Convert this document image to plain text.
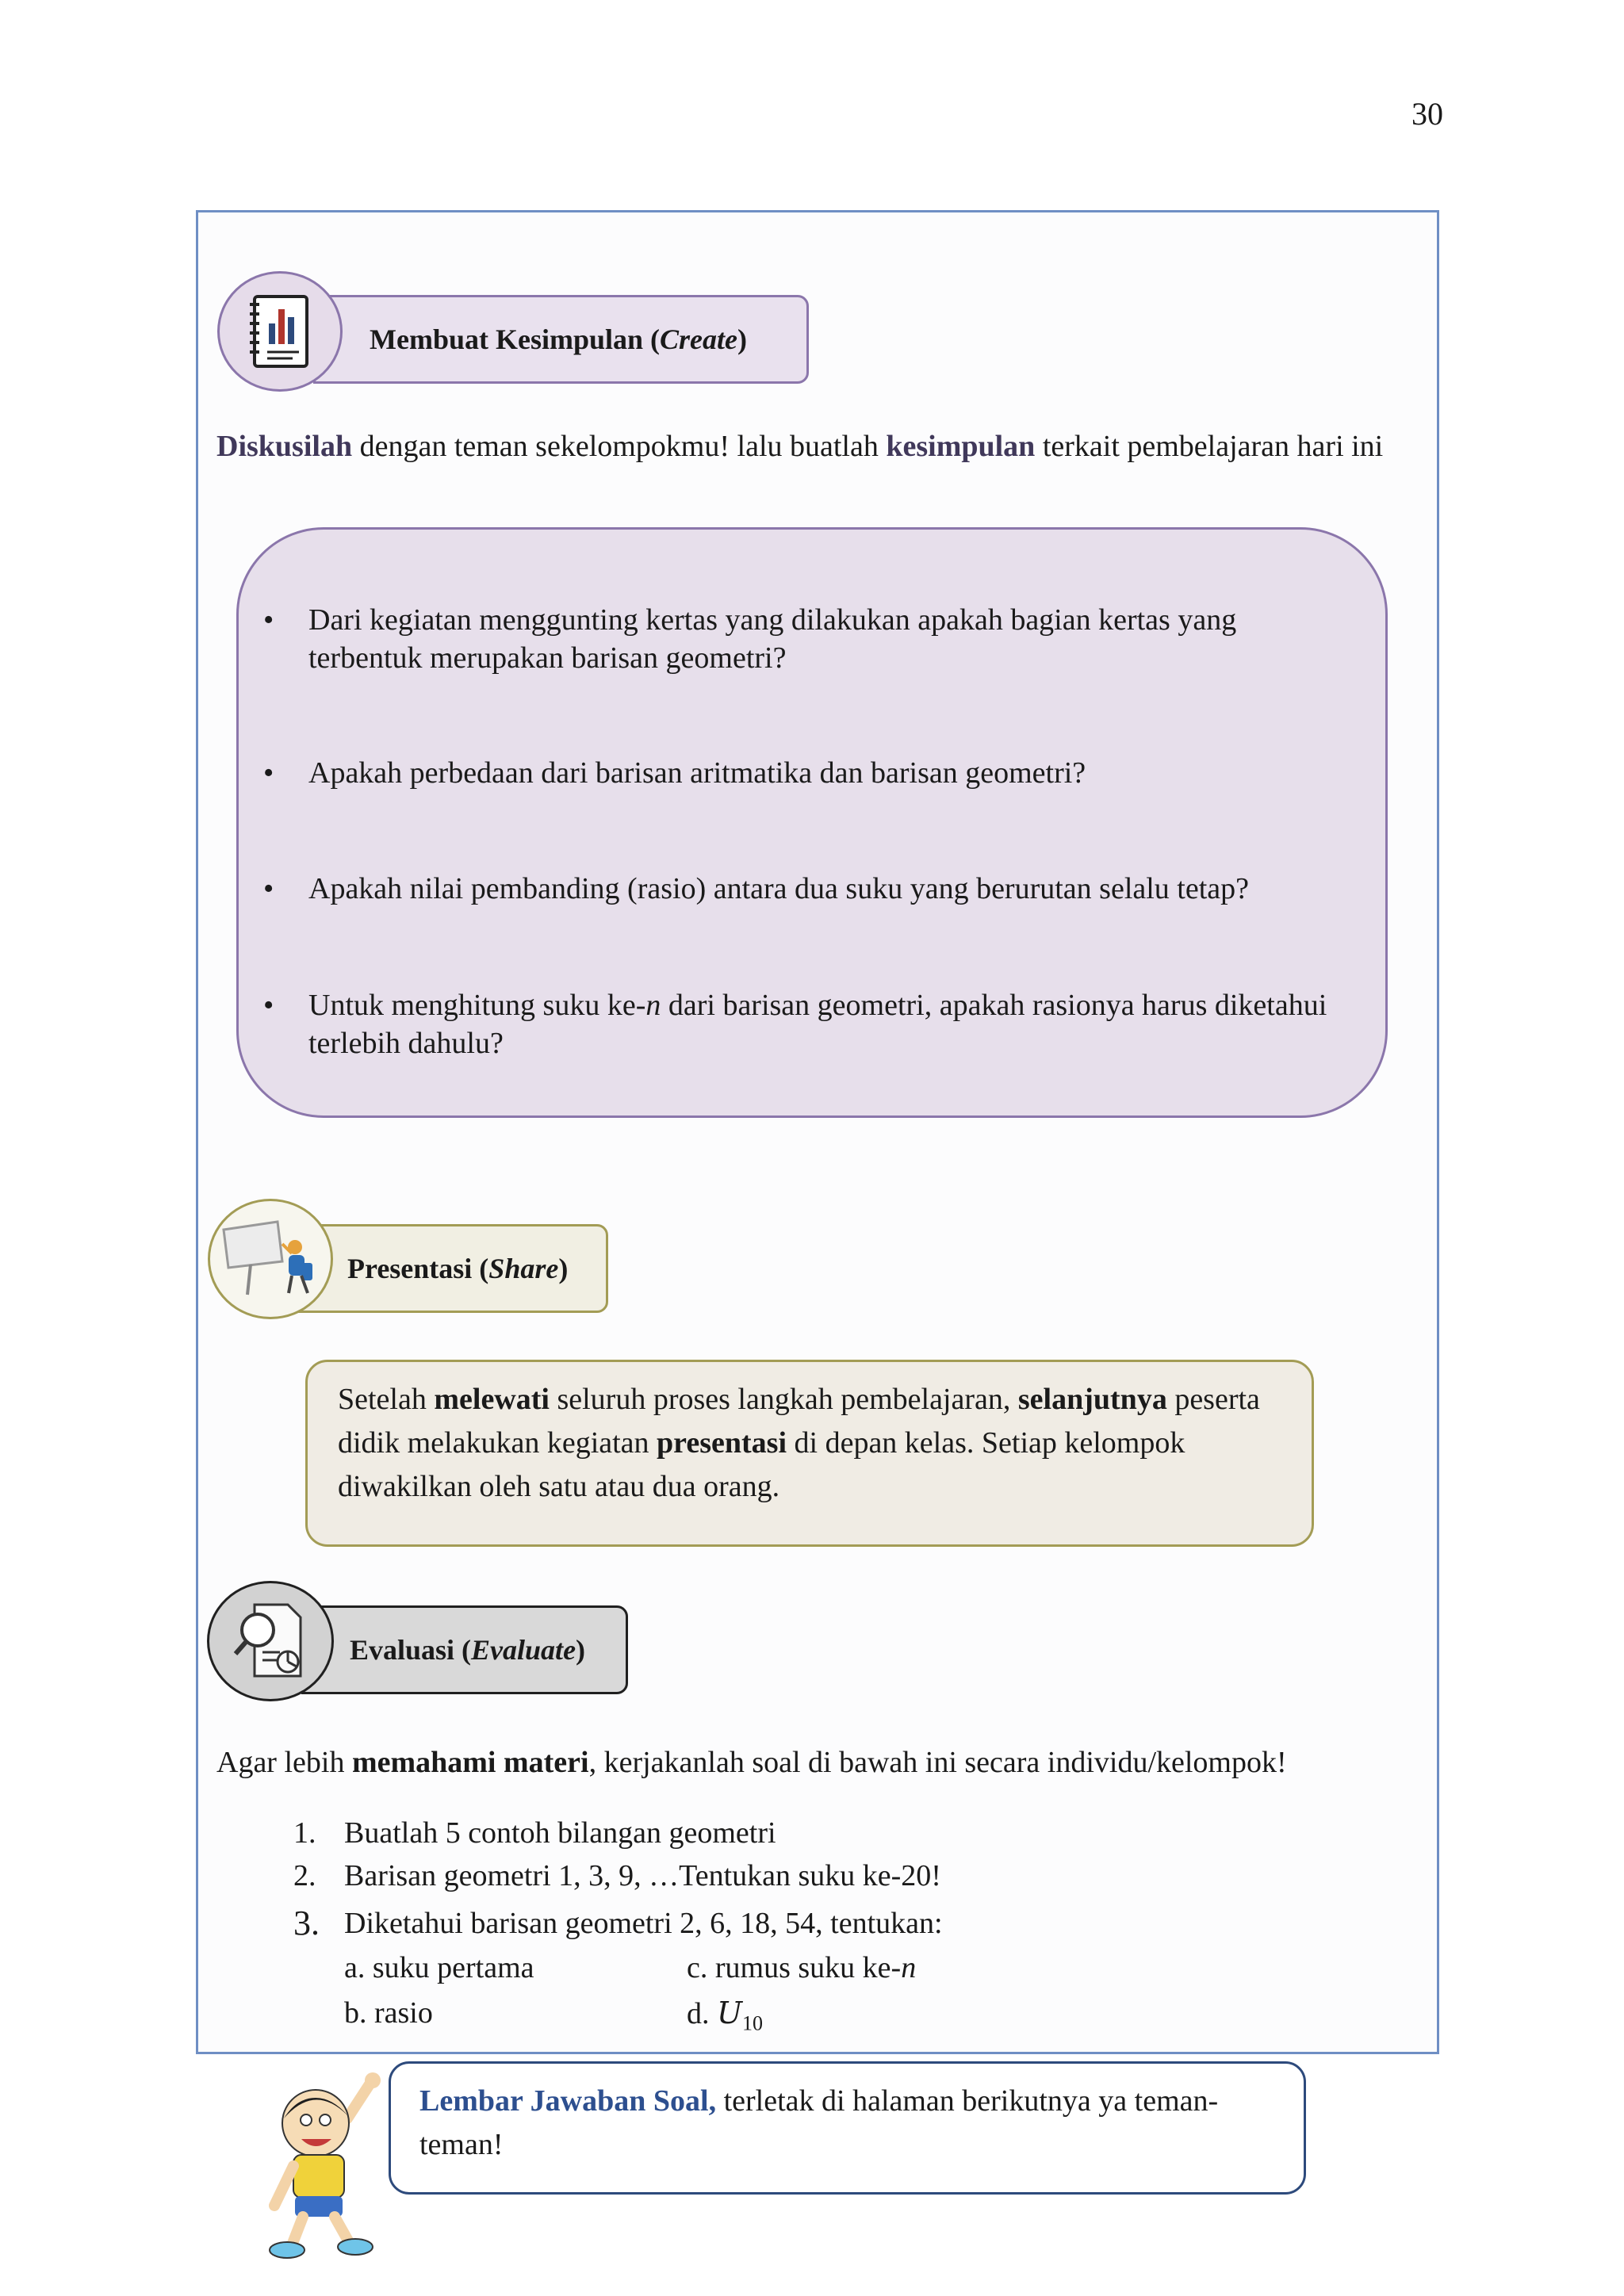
30
Membuat Kesimpulan ( Create )
Diskusilah dengan teman sekelompokmu! lalu buatlah kesimpulan terkait pembelajaran hari ini
• Dari kegiatan menggunting kertas yang dilakukan apakah bagian kertas yang terbentuk merupakan barisan geometri?
• Apakah perbedaan dari barisan aritmatika dan barisan geometri?
• Apakah nilai pembanding (rasio) antara dua suku yang berurutan selalu tetap?
• Untuk menghitung suku ke-n dari barisan geometri, apakah rasionya harus diketahui terlebih dahulu?
Presentasi ( Share )
Setelah melewati seluruh proses langkah pembelajaran, selanjutnya peserta didik melakukan kegiatan presentasi di depan kelas. Setiap kelompok diwakilkan oleh satu atau dua orang.
Evaluasi ( Evaluate )
Agar lebih memahami materi, kerjakanlah soal di bawah ini secara individu/kelompok!
1. Buatlah 5 contoh bilangan geometri
2. Barisan geometri 1, 3, 9, …Tentukan suku ke-20!
3. Diketahui barisan geometri 2, 6, 18, 54, tentukan:
a. suku pertama
b. rasio
c. rumus suku ke-n
d. $U_{10}$
Lembar Jawaban Soal, terletak di halaman berikutnya ya teman-teman!
